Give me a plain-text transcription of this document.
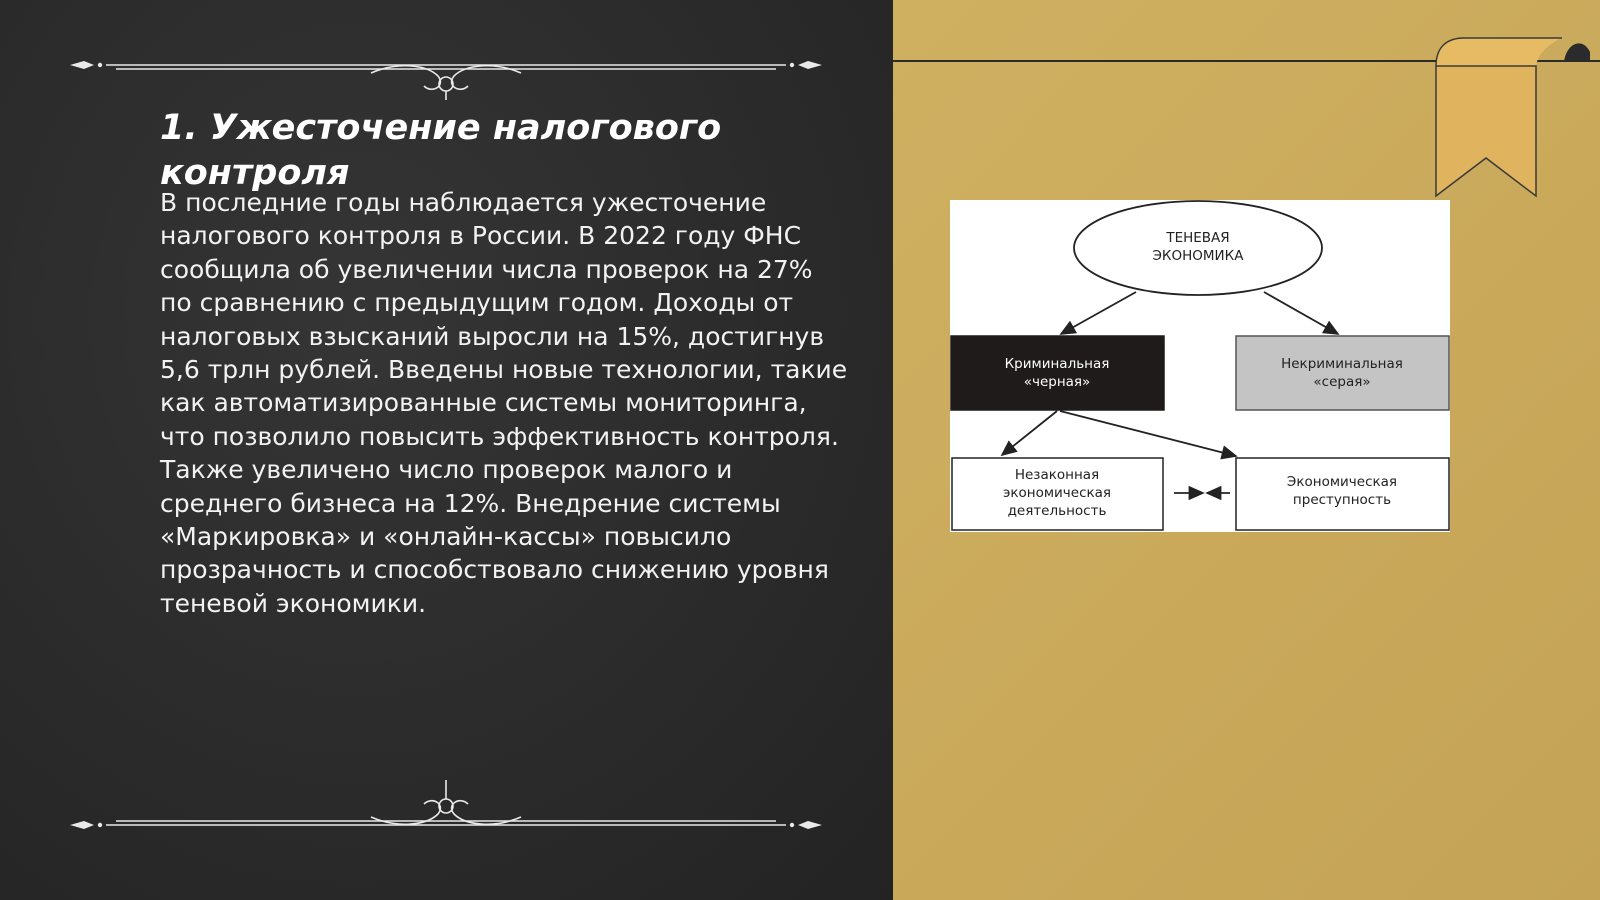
1. Ужесточение налогового контроля

В последние годы наблюдается ужесточение налогового контроля в России. В 2022 году ФНС сообщила об увеличении числа проверок на 27% по сравнению с предыдущим годом. Доходы от налоговых взысканий выросли на 15%, достигнув 5,6 трлн рублей. Введены новые технологии, такие как автоматизированные системы мониторинга, что позволило повысить эффективность контроля. Также увеличено число проверок малого и среднего бизнеса на 12%. Внедрение системы «Маркировка» и «онлайн-кассы» повысило прозрачность и способствовало снижению уровня теневой экономики.

ТЕНЕВАЯ
ЭКОНОМИКА
Криминальная
«черная»
Некриминальная
«серая»
Незаконная
экономическая
деятельность
Экономическая
преступность
